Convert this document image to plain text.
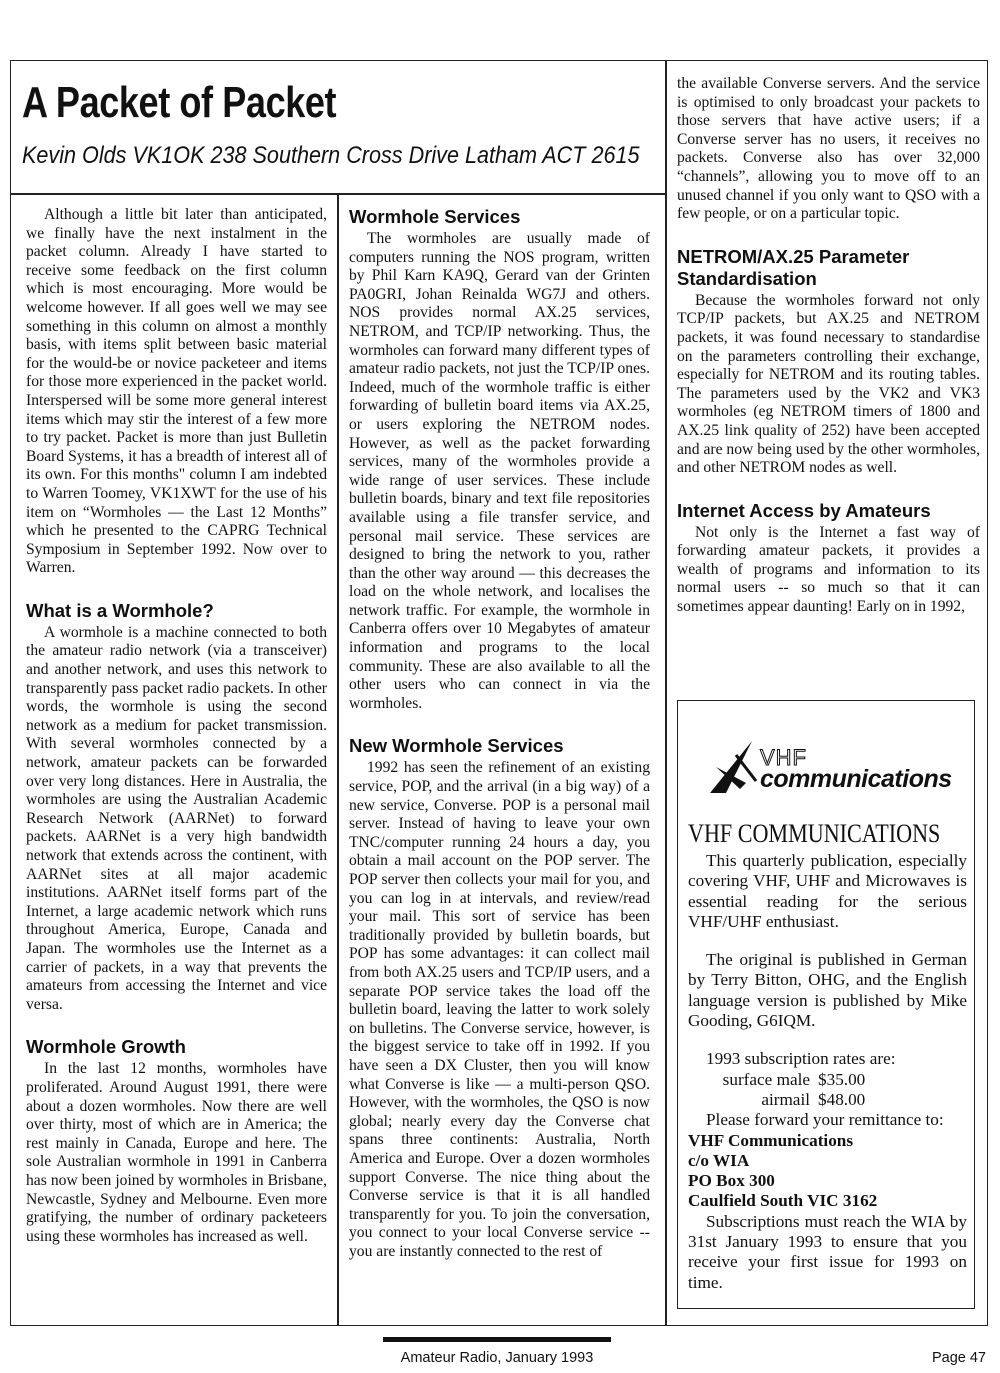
A Packet of Packet
Kevin Olds VK1OK 238 Southern Cross Drive Latham ACT 2615

Although a little bit later than anticipated, we finally have the next instalment in the packet column. Already I have started to receive some feedback on the first column which is most encouraging. More would be welcome however. If all goes well we may see something in this column on almost a monthly basis, with items split between basic material for the would-be or novice packeteer and items for those more experienced in the packet world. Interspersed will be some more general interest items which may stir the interest of a few more to try packet. Packet is more than just Bulletin Board Systems, it has a breadth of interest all of its own. For this months" column I am indebted to Warren Toomey, VK1XWT for the use of his item on “Wormholes — the Last 12 Months” which he presented to the CAPRG Technical Symposium in September 1992. Now over to Warren.

What is a Wormhole?

A wormhole is a machine connected to both the amateur radio network (via a transceiver) and another network, and uses this network to transparently pass packet radio packets. In other words, the wormhole is using the second network as a medium for packet transmission. With several wormholes connected by a network, amateur packets can be forwarded over very long distances. Here in Australia, the wormholes are using the Australian Academic Research Network (AARNet) to forward packets. AARNet is a very high bandwidth network that extends across the continent, with AARNet sites at all major academic institutions. AARNet itself forms part of the Internet, a large academic network which runs throughout America, Europe, Canada and Japan. The wormholes use the Internet as a carrier of packets, in a way that prevents the amateurs from accessing the Internet and vice versa.

Wormhole Growth

In the last 12 months, wormholes have proliferated. Around August 1991, there were about a dozen wormholes. Now there are well over thirty, most of which are in America; the rest mainly in Canada, Europe and here. The sole Australian wormhole in 1991 in Canberra has now been joined by wormholes in Brisbane, Newcastle, Sydney and Melbourne. Even more gratifying, the number of ordinary packeteers using these wormholes has increased as well.

Wormhole Services

The wormholes are usually made of computers running the NOS program, written by Phil Karn KA9Q, Gerard van der Grinten PA0GRI, Johan Reinalda WG7J and others. NOS provides normal AX.25 services, NETROM, and TCP/IP networking. Thus, the wormholes can forward many different types of amateur radio packets, not just the TCP/IP ones. Indeed, much of the wormhole traffic is either forwarding of bulletin board items via AX.25, or users exploring the NETROM nodes. However, as well as the packet forwarding services, many of the wormholes provide a wide range of user services. These include bulletin boards, binary and text file repositories available using a file transfer service, and personal mail service. These services are designed to bring the network to you, rather than the other way around — this decreases the load on the whole network, and localises the network traffic. For example, the wormhole in Canberra offers over 10 Megabytes of amateur information and programs to the local community. These are also available to all the other users who can connect in via the wormholes.

New Wormhole Services

1992 has seen the refinement of an existing service, POP, and the arrival (in a big way) of a new service, Converse. POP is a personal mail server. Instead of having to leave your own TNC/computer running 24 hours a day, you obtain a mail account on the POP server. The POP server then collects your mail for you, and you can log in at intervals, and review/read your mail. This sort of service has been traditionally provided by bulletin boards, but POP has some advantages: it can collect mail from both AX.25 users and TCP/IP users, and a separate POP service takes the load off the bulletin board, leaving the latter to work solely on bulletins. The Converse service, however, is the biggest service to take off in 1992. If you have seen a DX Cluster, then you will know what Converse is like — a multi-person QSO. However, with the wormholes, the QSO is now global; nearly every day the Converse chat spans three continents: Australia, North America and Europe. Over a dozen wormholes support Converse. The nice thing about the Converse service is that it is all handled transparently for you. To join the conversation, you connect to your local Converse service -- you are instantly connected to the rest of

the available Converse servers. And the service is optimised to only broadcast your packets to those servers that have active users; if a Converse server has no users, it receives no packets. Converse also has over 32,000 “channels”, allowing you to move off to an unused channel if you only want to QSO with a few people, or on a particular topic.

NETROM/AX.25 Parameter Standardisation

Because the wormholes forward not only TCP/IP packets, but AX.25 and NETROM packets, it was found necessary to standardise on the parameters controlling their exchange, especially for NETROM and its routing tables. The parameters used by the VK2 and VK3 wormholes (eg NETROM timers of 1800 and AX.25 link quality of 252) have been accepted and are now being used by the other wormholes, and other NETROM nodes as well.

Internet Access by Amateurs

Not only is the Internet a fast way of forwarding amateur packets, it provides a wealth of programs and information to its normal users -- so much so that it can sometimes appear daunting! Early on in 1992,

VHF
communications
VHF COMMUNICATIONS

This quarterly publication, especially covering VHF, UHF and Microwaves is essential reading for the serious VHF/UHF enthusiast.

The original is published in German by Terry Bitton, OHG, and the English language version is published by Mike Gooding, G6IQM.

1993 subscription rates are:

surface male $35.00
airmail $48.00

Please forward your remittance to:

VHF Communications

c/o WIA

PO Box 300

Caulfield South VIC 3162

Subscriptions must reach the WIA by 31st January 1993 to ensure that you receive your first issue for 1993 on time.

Amateur Radio, January 1993	Page 47
